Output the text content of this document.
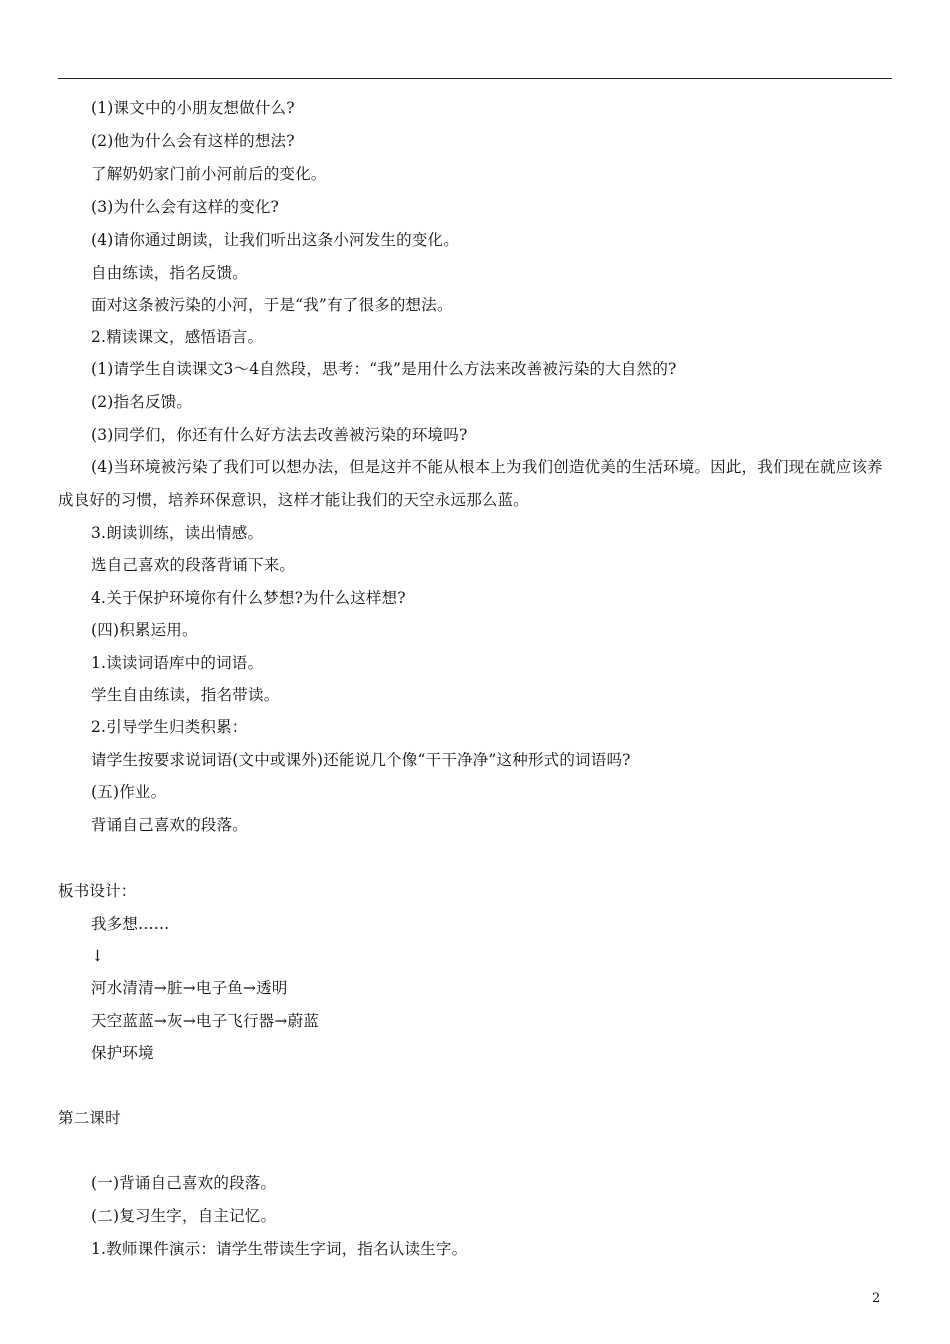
(1)课文中的小朋友想做什么?
(2)他为什么会有这样的想法?
了解奶奶家门前小河前后的变化。
(3)为什么会有这样的变化?
(4)请你通过朗读，让我们听出这条小河发生的变化。
自由练读，指名反馈。
面对这条被污染的小河，于是“我”有了很多的想法。
2.精读课文，感悟语言。
(1)请学生自读课文3～4自然段，思考：“我”是用什么方法来改善被污染的大自然的?
(2)指名反馈。
(3)同学们，你还有什么好方法去改善被污染的环境吗?
(4)当环境被污染了我们可以想办法，但是这并不能从根本上为我们创造优美的生活环境。因此，我们现在就应该养成良好的习惯，培养环保意识，这样才能让我们的天空永远那么蓝。
3.朗读训练，读出情感。
选自己喜欢的段落背诵下来。
4.关于保护环境你有什么梦想?为什么这样想?
(四)积累运用。
1.读读词语库中的词语。
学生自由练读，指名带读。
2.引导学生归类积累：
请学生按要求说词语(文中或课外)还能说几个像“干干净净”这种形式的词语吗?
(五)作业。
背诵自己喜欢的段落。
板书设计：
我多想……
↓
河水清清→脏→电子鱼→透明
天空蓝蓝→灰→电子飞行器→蔚蓝
保护环境
第二课时
(一)背诵自己喜欢的段落。
(二)复习生字，自主记忆。
1.教师课件演示：请学生带读生字词，指名认读生字。
2
